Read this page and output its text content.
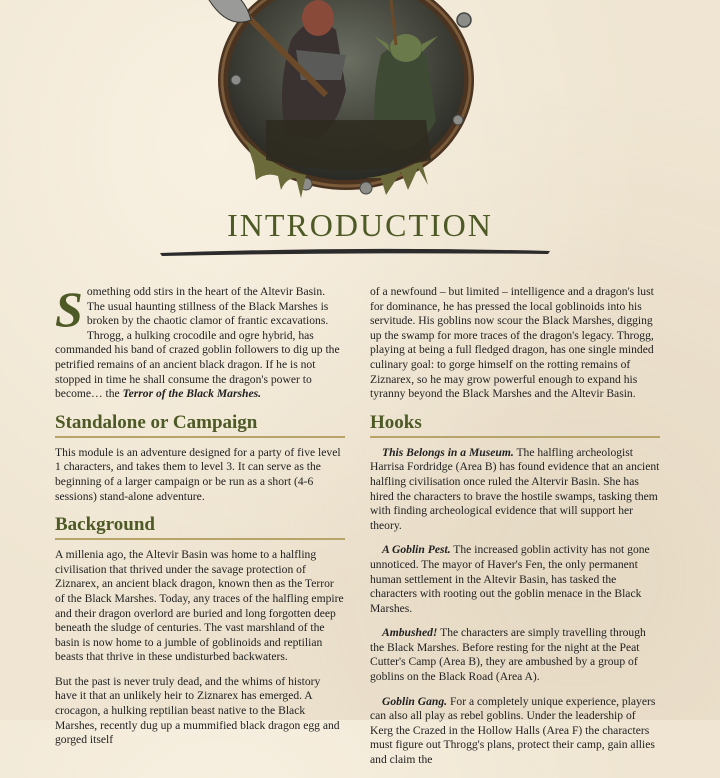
INTRODUCTION

Something odd stirs in the heart of the Altevir Basin. The usual haunting stillness of the Black Marshes is broken by the chaotic clamor of frantic excavations. Throgg, a hulking crocodile and ogre hybrid, has commanded his band of crazed goblin followers to dig up the petrified remains of an ancient black dragon. If he is not stopped in time he shall consume the dragon's power to become… the Terror of the Black Marshes.

Standalone or Campaign

This module is an adventure designed for a party of five level 1 characters, and takes them to level 3. It can serve as the beginning of a larger campaign or be run as a short (4-6 sessions) stand-alone adventure.

Background

A millenia ago, the Altevir Basin was home to a halfling civilisation that thrived under the savage protection of Ziznarex, an ancient black dragon, known then as the Terror of the Black Marshes. Today, any traces of the halfling empire and their dragon overlord are buried and long forgotten deep beneath the sludge of centuries. The vast marshland of the basin is now home to a jumble of goblinoids and reptilian beasts that thrive in these undisturbed backwaters.

But the past is never truly dead, and the whims of history have it that an unlikely heir to Ziznarex has emerged. A crocagon, a hulking reptilian beast native to the Black Marshes, recently dug up a mummified black dragon egg and gorged itself

of a newfound – but limited – intelligence and a dragon's lust for dominance, he has pressed the local goblinoids into his servitude. His goblins now scour the Black Marshes, digging up the swamp for more traces of the dragon's legacy. Throgg, playing at being a full fledged dragon, has one single minded culinary goal: to gorge himself on the rotting remains of Ziznarex, so he may grow powerful enough to expand his tyranny beyond the Black Marshes and the Altevir Basin.

Hooks

This Belongs in a Museum. The halfling archeologist Harrisa Fordridge (Area B) has found evidence that an ancient halfling civilisation once ruled the Altervir Basin. She has hired the characters to brave the hostile swamps, tasking them with finding archeological evidence that will support her theory.

A Goblin Pest. The increased goblin activity has not gone unnoticed. The mayor of Haver's Fen, the only permanent human settlement in the Altevir Basin, has tasked the characters with rooting out the goblin menace in the Black Marshes.

Ambushed! The characters are simply travelling through the Black Marshes. Before resting for the night at the Peat Cutter's Camp (Area B), they are ambushed by a group of goblins on the Black Road (Area A).

Goblin Gang. For a completely unique experience, players can also all play as rebel goblins. Under the leadership of Kerg the Crazed in the Hollow Halls (Area F) the characters must figure out Throgg's plans, protect their camp, gain allies and claim the
